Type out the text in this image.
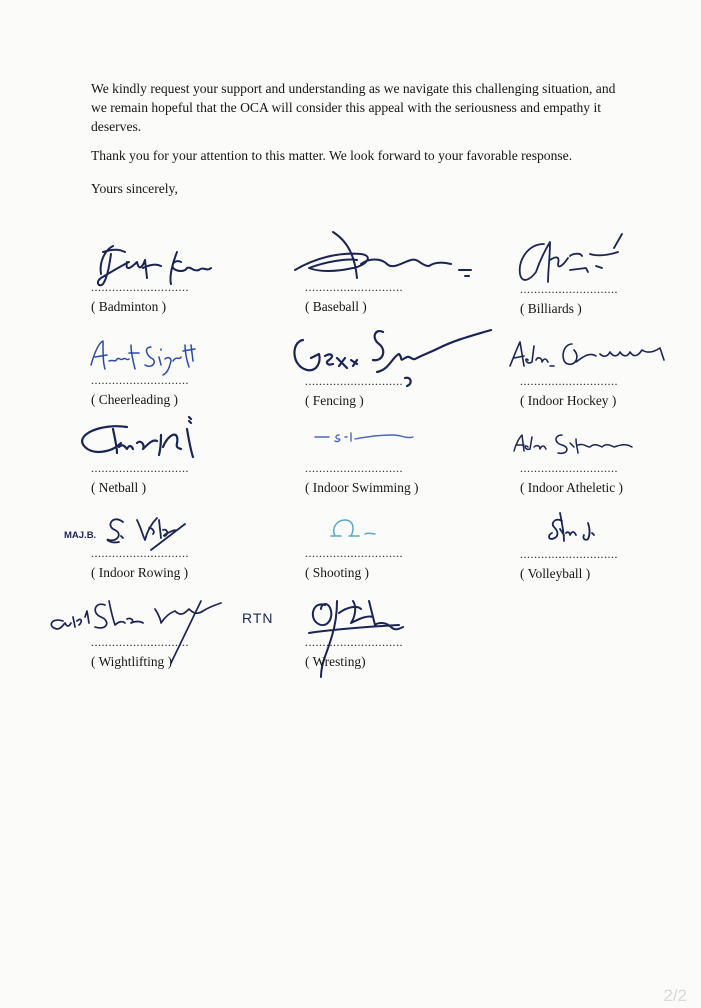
We kindly request your support and understanding as we navigate this challenging situation, and we remain hopeful that the OCA will consider this appeal with the seriousness and empathy it deserves.

Thank you for your attention to this matter. We look forward to your favorable response.

Yours sincerely,

............................
( Badminton )
............................
( Baseball )
............................
( Billiards )
............................
( Cheerleading )
............................
( Fencing )
............................
( Indoor Hockey )
............................
( Netball )
............................
( Indoor Swimming )
............................
( Indoor Atheletic )
MAJ.B.
............................
( Indoor Rowing )
............................
( Shooting )
............................
( Volleyball )
RTN
............................
( Wightlifting )
............................
( Wresting)
2/2
